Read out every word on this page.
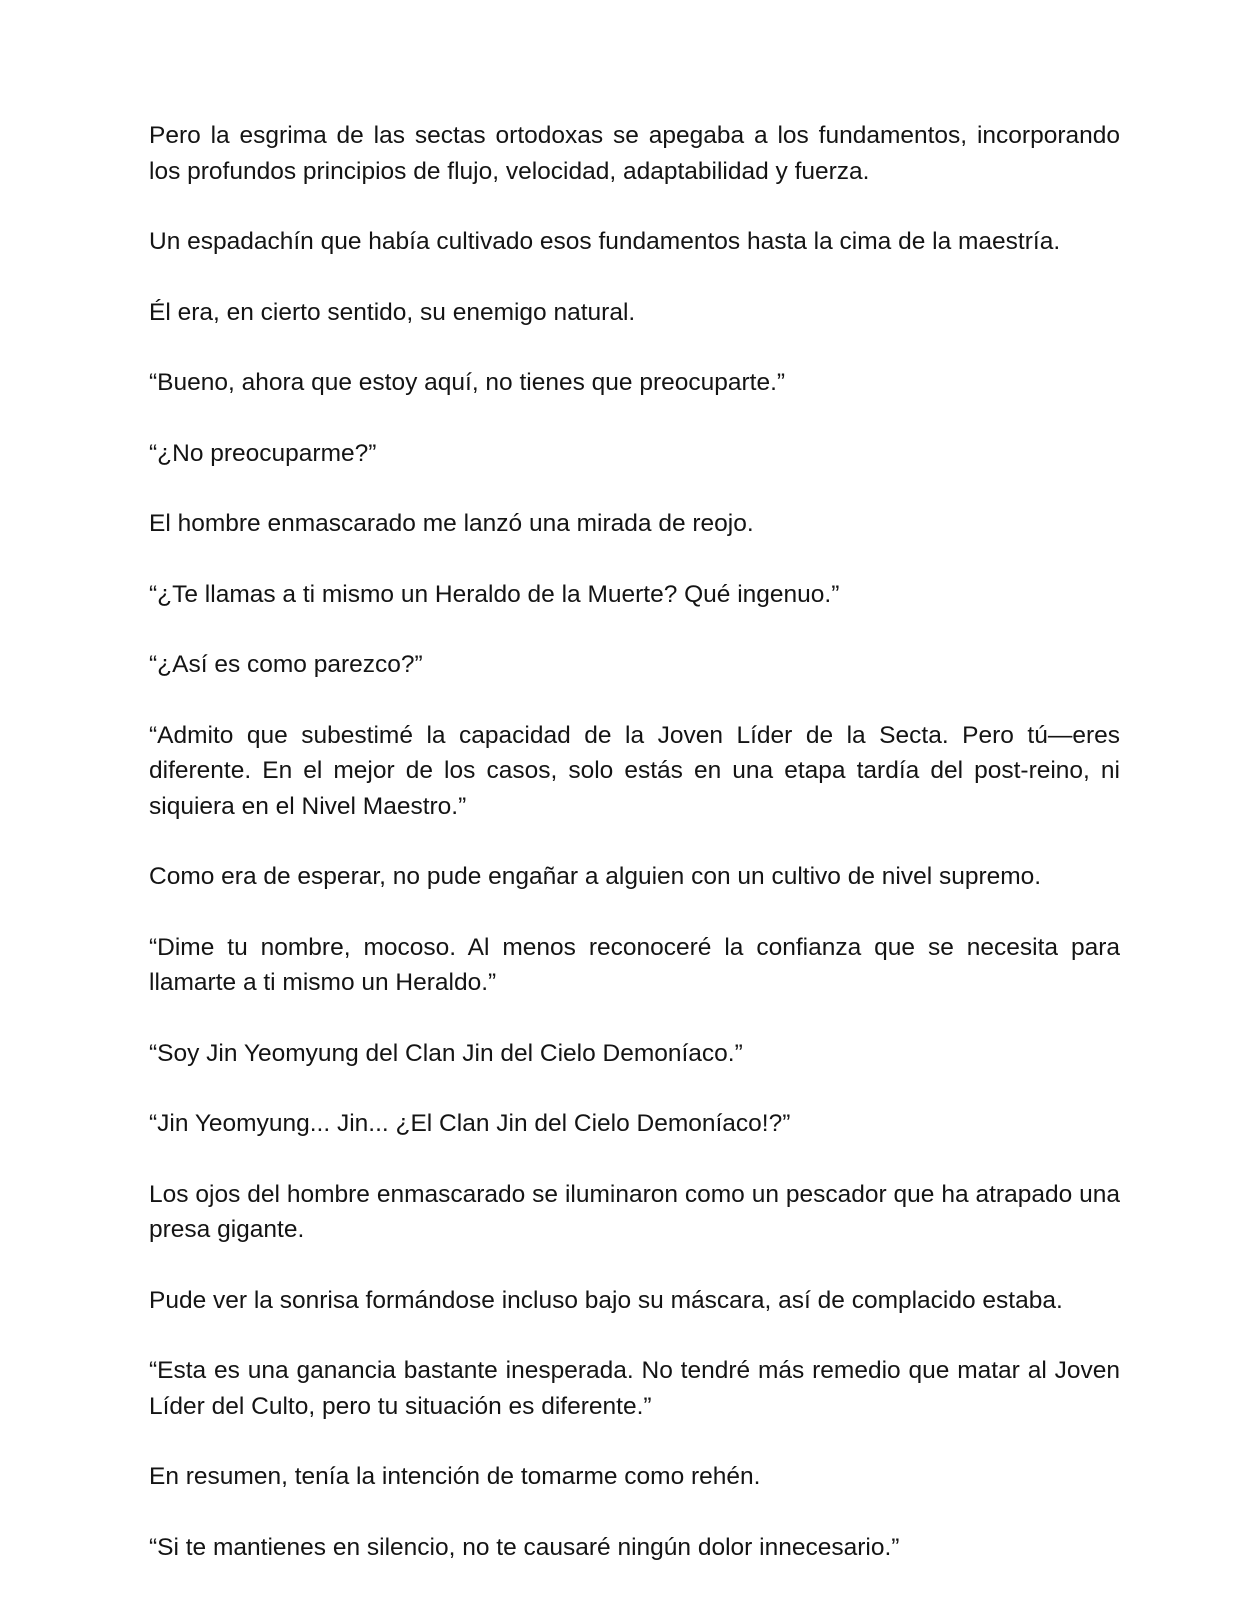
Pero la esgrima de las sectas ortodoxas se apegaba a los fundamentos, incorporando los profundos principios de flujo, velocidad, adaptabilidad y fuerza.

Un espadachín que había cultivado esos fundamentos hasta la cima de la maestría.

Él era, en cierto sentido, su enemigo natural.

“Bueno, ahora que estoy aquí, no tienes que preocuparte.”

“¿No preocuparme?”

El hombre enmascarado me lanzó una mirada de reojo.

“¿Te llamas a ti mismo un Heraldo de la Muerte? Qué ingenuo.”

“¿Así es como parezco?”

“Admito que subestimé la capacidad de la Joven Líder de la Secta. Pero tú—eres diferente. En el mejor de los casos, solo estás en una etapa tardía del post-reino, ni siquiera en el Nivel Maestro.”

Como era de esperar, no pude engañar a alguien con un cultivo de nivel supremo.

“Dime tu nombre, mocoso. Al menos reconoceré la confianza que se necesita para llamarte a ti mismo un Heraldo.”

“Soy Jin Yeomyung del Clan Jin del Cielo Demoníaco.”

“Jin Yeomyung... Jin... ¿El Clan Jin del Cielo Demoníaco!?”

Los ojos del hombre enmascarado se iluminaron como un pescador que ha atrapado una presa gigante.

Pude ver la sonrisa formándose incluso bajo su máscara, así de complacido estaba.

“Esta es una ganancia bastante inesperada. No tendré más remedio que matar al Joven Líder del Culto, pero tu situación es diferente.”

En resumen, tenía la intención de tomarme como rehén.

“Si te mantienes en silencio, no te causaré ningún dolor innecesario.”
